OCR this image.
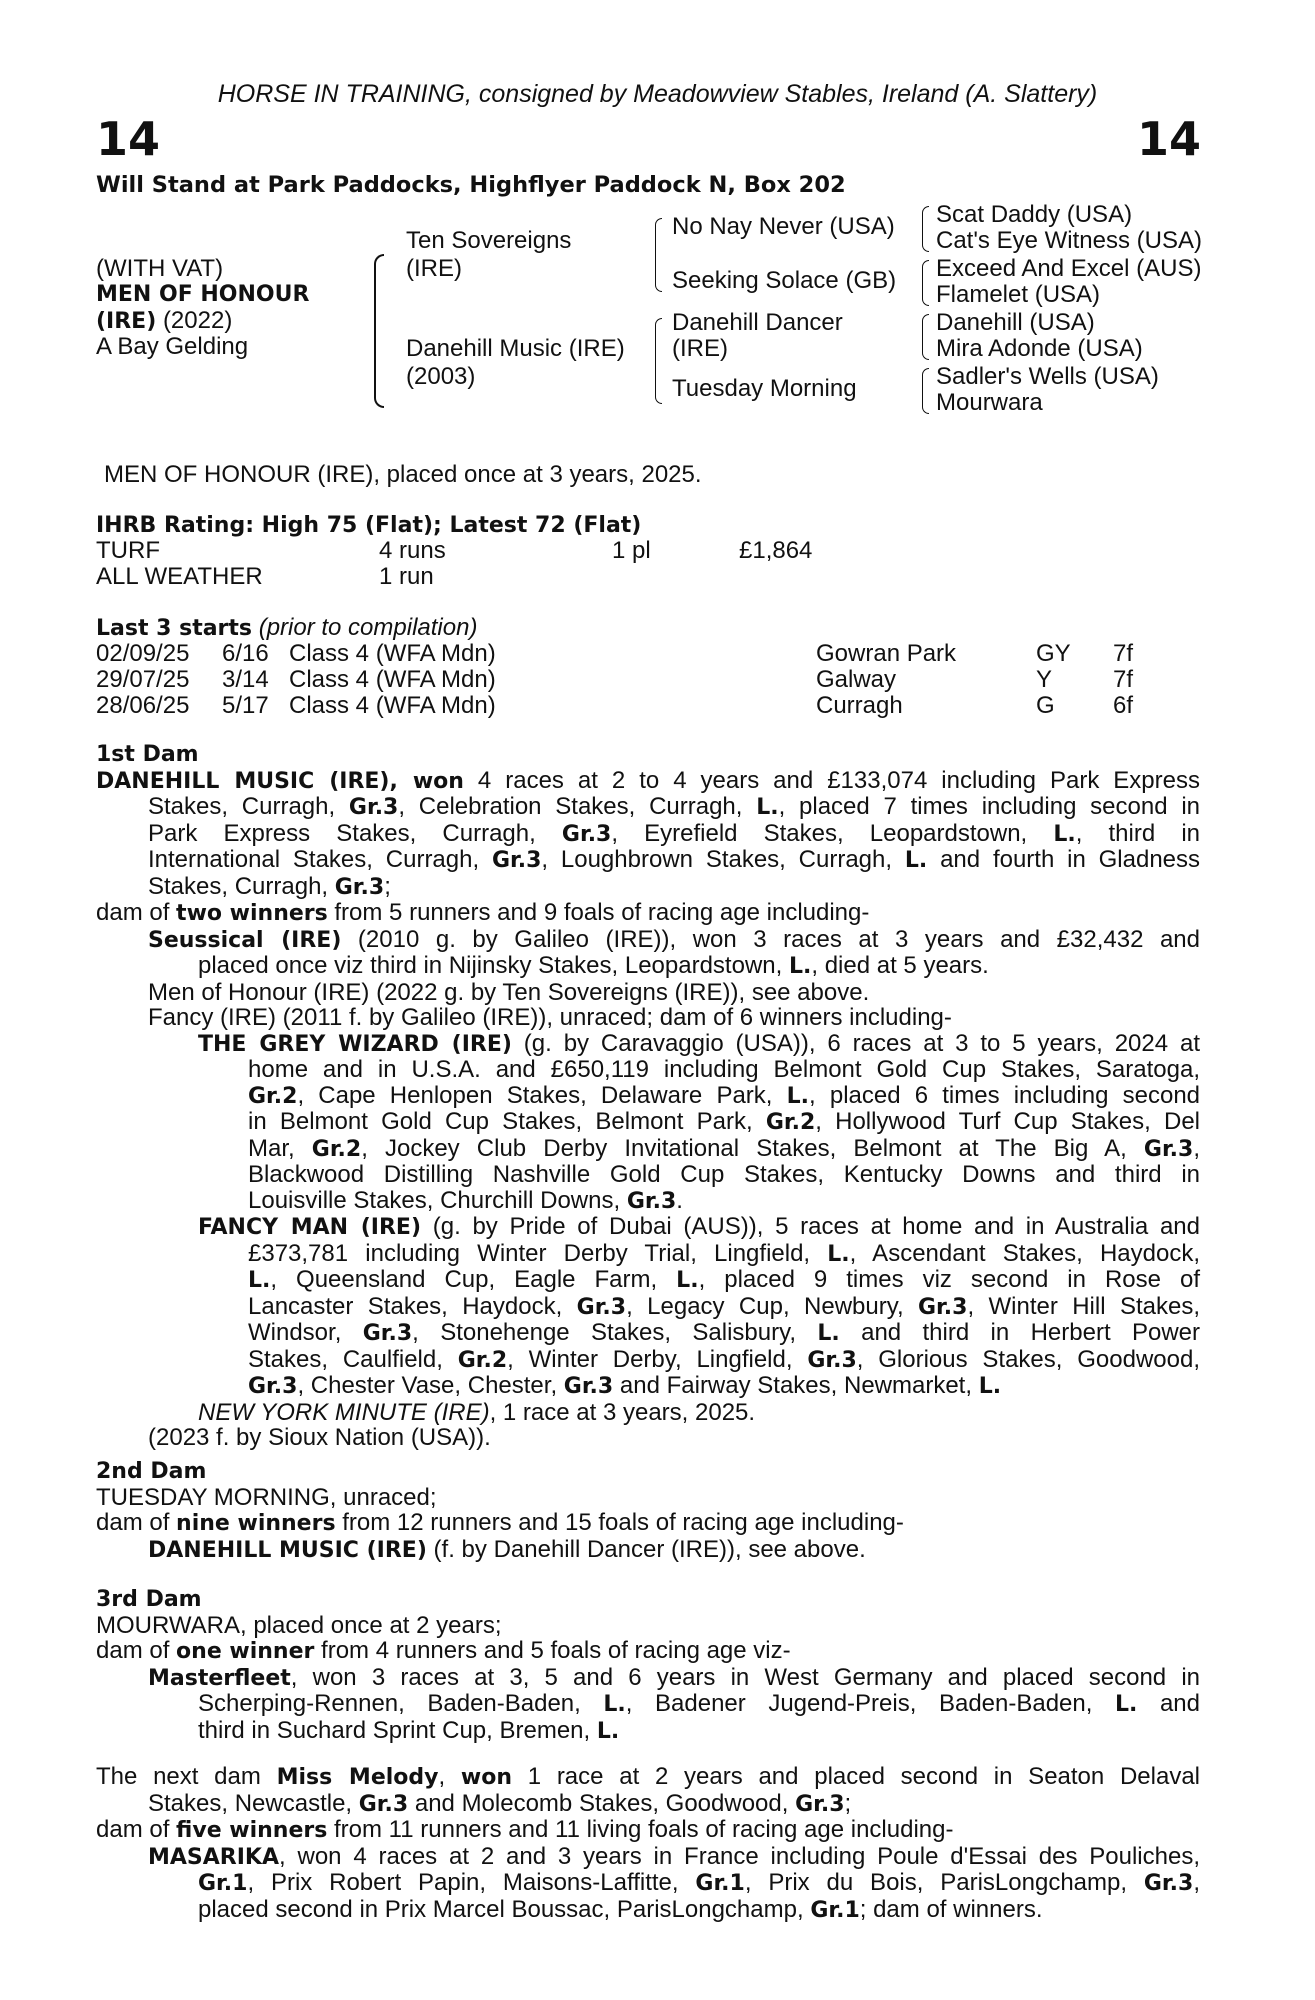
HORSE IN TRAINING, consigned by Meadowview Stables, Ireland (A. Slattery)
14	14
Will Stand at Park Paddocks, Highflyer Paddock N, Box 202
(WITH VAT)
MEN OF HONOUR
(IRE) (2022)
A Bay Gelding
Ten Sovereigns
(IRE)
Danehill Music (IRE)
(2003)
No Nay Never (USA)
Seeking Solace (GB)
Danehill Dancer
(IRE)
Tuesday Morning
Scat Daddy (USA)
Cat's Eye Witness (USA)
Exceed And Excel (AUS)
Flamelet (USA)
Danehill (USA)
Mira Adonde (USA)
Sadler's Wells (USA)
Mourwara
MEN OF HONOUR (IRE), placed once at 3 years, 2025.
IHRB Rating: High 75 (Flat); Latest 72 (Flat)
TURF	4 runs	1 pl	£1,864
ALL WEATHER	1 run
Last 3 starts (prior to compilation)
02/09/25 6/16 Class 4 (WFA Mdn)	Gowran Park	GY 7f
29/07/25 3/14 Class 4 (WFA Mdn)	Galway	Y	7f
28/06/25 5/17 Class 4 (WFA Mdn)	Curragh	G 6f
1st Dam
DANEHILL MUSIC (IRE), won 4 races at 2 to 4 years and £133,074 including Park Express
Stakes, Curragh, Gr.3, Celebration Stakes, Curragh, L., placed 7 times including second in
Park Express Stakes, Curragh, Gr.3, Eyrefield Stakes, Leopardstown, L., third in
International Stakes, Curragh, Gr.3, Loughbrown Stakes, Curragh, L. and fourth in Gladness
Stakes, Curragh, Gr.3;
dam of two winners from 5 runners and 9 foals of racing age including-
Seussical (IRE) (2010 g. by Galileo (IRE)), won 3 races at 3 years and £32,432 and
placed once viz third in Nijinsky Stakes, Leopardstown, L., died at 5 years.
Men of Honour (IRE) (2022 g. by Ten Sovereigns (IRE)), see above.
Fancy (IRE) (2011 f. by Galileo (IRE)), unraced; dam of 6 winners including-
THE GREY WIZARD (IRE) (g. by Caravaggio (USA)), 6 races at 3 to 5 years, 2024 at
home and in U.S.A. and £650,119 including Belmont Gold Cup Stakes, Saratoga,
Gr.2, Cape Henlopen Stakes, Delaware Park, L., placed 6 times including second
in Belmont Gold Cup Stakes, Belmont Park, Gr.2, Hollywood Turf Cup Stakes, Del
Mar, Gr.2, Jockey Club Derby Invitational Stakes, Belmont at The Big A, Gr.3,
Blackwood Distilling Nashville Gold Cup Stakes, Kentucky Downs and third in
Louisville Stakes, Churchill Downs, Gr.3.
FANCY MAN (IRE) (g. by Pride of Dubai (AUS)), 5 races at home and in Australia and
£373,781 including Winter Derby Trial, Lingfield, L., Ascendant Stakes, Haydock,
L., Queensland Cup, Eagle Farm, L., placed 9 times viz second in Rose of
Lancaster Stakes, Haydock, Gr.3, Legacy Cup, Newbury, Gr.3, Winter Hill Stakes,
Windsor, Gr.3, Stonehenge Stakes, Salisbury, L. and third in Herbert Power
Stakes, Caulfield, Gr.2, Winter Derby, Lingfield, Gr.3, Glorious Stakes, Goodwood,
Gr.3, Chester Vase, Chester, Gr.3 and Fairway Stakes, Newmarket, L.
NEW YORK MINUTE (IRE), 1 race at 3 years, 2025.
(2023 f. by Sioux Nation (USA)).
2nd Dam
TUESDAY MORNING, unraced;
dam of nine winners from 12 runners and 15 foals of racing age including-
DANEHILL MUSIC (IRE) (f. by Danehill Dancer (IRE)), see above.
3rd Dam
MOURWARA, placed once at 2 years;
dam of one winner from 4 runners and 5 foals of racing age viz-
Masterfleet, won 3 races at 3, 5 and 6 years in West Germany and placed second in
Scherping-Rennen, Baden-Baden, L., Badener Jugend-Preis, Baden-Baden, L. and
third in Suchard Sprint Cup, Bremen, L.
The next dam Miss Melody, won 1 race at 2 years and placed second in Seaton Delaval
Stakes, Newcastle, Gr.3 and Molecomb Stakes, Goodwood, Gr.3;
dam of five winners from 11 runners and 11 living foals of racing age including-
MASARIKA, won 4 races at 2 and 3 years in France including Poule d'Essai des Pouliches,
Gr.1, Prix Robert Papin, Maisons-Laffitte, Gr.1, Prix du Bois, ParisLongchamp, Gr.3,
placed second in Prix Marcel Boussac, ParisLongchamp, Gr.1; dam of winners.
